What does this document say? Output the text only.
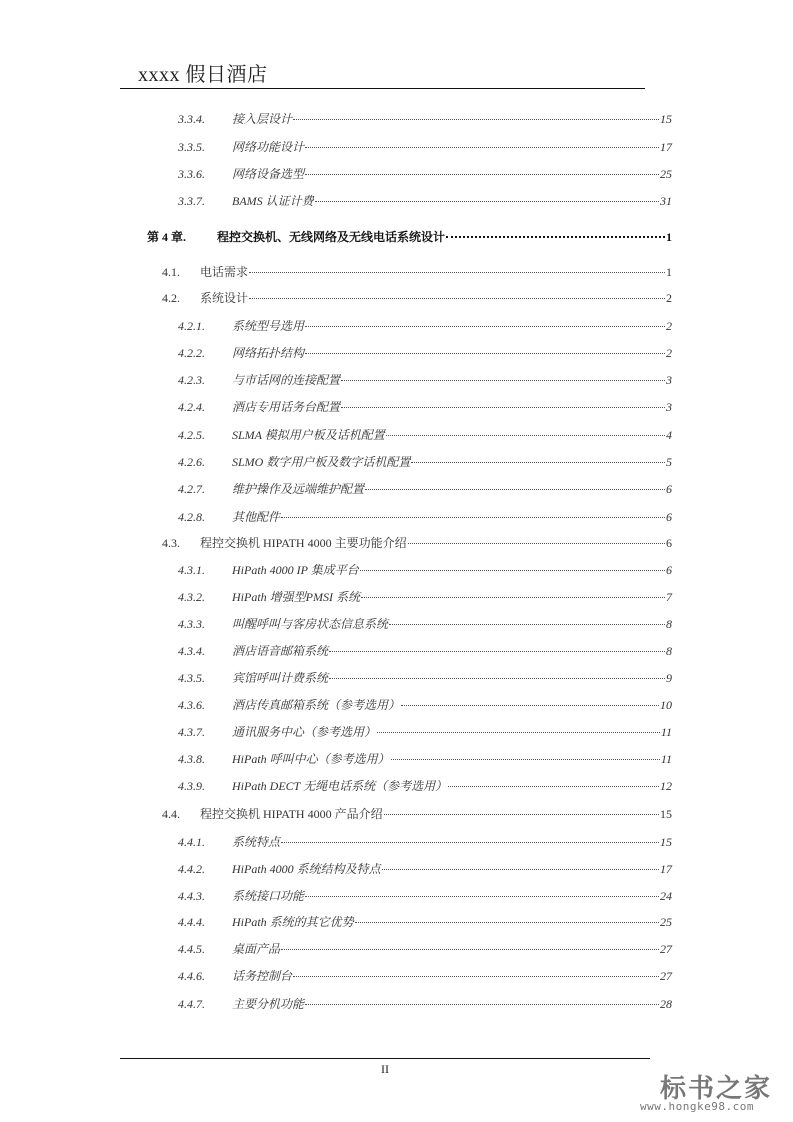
xxxx 假日酒店
3.3.4.	接入层设计	15
3.3.5.	网络功能设计	17
3.3.6.	网络设备选型	25
3.3.7.	BAMS 认证计费	31
第 4 章.	程控交换机、无线网络及无线电话系统设计	1
4.1.	电话需求	1
4.2.	系统设计	2
4.2.1.	系统型号选用	2
4.2.2.	网络拓扑结构	2
4.2.3.	与市话网的连接配置	3
4.2.4.	酒店专用话务台配置	3
4.2.5.	SLMA 模拟用户板及话机配置	4
4.2.6.	SLMO 数字用户板及数字话机配置	5
4.2.7.	维护操作及远端维护配置	6
4.2.8.	其他配件	6
4.3.	程控交换机 HIPATH 4000 主要功能介绍	6
4.3.1.	HiPath 4000 IP 集成平台	6
4.3.2.	HiPath 增强型PMSI 系统	7
4.3.3.	叫醒呼叫与客房状态信息系统	8
4.3.4.	酒店语音邮箱系统	8
4.3.5.	宾馆呼叫计费系统	9
4.3.6.	酒店传真邮箱系统（参考选用）	10
4.3.7.	通讯服务中心（参考选用）	11
4.3.8.	HiPath 呼叫中心（参考选用）	11
4.3.9.	HiPath DECT 无绳电话系统（参考选用）	12
4.4.	程控交换机 HIPATH 4000 产品介绍	15
4.4.1.	系统特点	15
4.4.2.	HiPath 4000 系统结构及特点	17
4.4.3.	系统接口功能	24
4.4.4.	HiPath 系统的其它优势	25
4.4.5.	桌面产品	27
4.4.6.	话务控制台	27
4.4.7.	主要分机功能	28
II
标书之家
www.hongke98.com
